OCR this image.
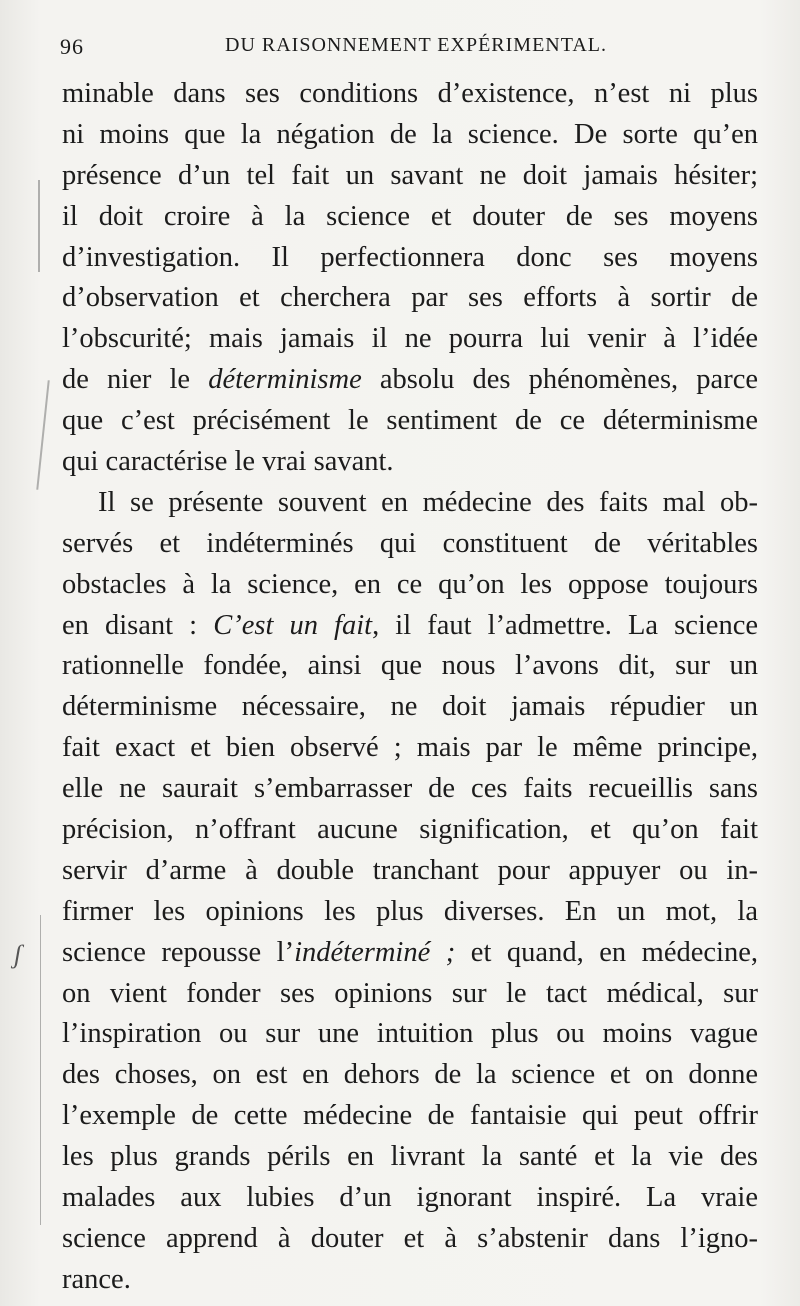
96	DU RAISONNEMENT EXPÉRIMENTAL.
ʃ
minable dans ses conditions d’existence, n’est ni plus
ni moins que la négation de la science. De sorte qu’en
présence d’un tel fait un savant ne doit jamais hésiter;
il doit croire à la science et douter de ses moyens
d’investigation. Il perfectionnera donc ses moyens
d’observation et cherchera par ses efforts à sortir de
l’obscurité; mais jamais il ne pourra lui venir à l’idée
de nier le déterminisme absolu des phénomènes, parce
que c’est précisément le sentiment de ce déterminisme
qui caractérise le vrai savant.
Il se présente souvent en médecine des faits mal ob-
servés et indéterminés qui constituent de véritables
obstacles à la science, en ce qu’on les oppose toujours
en disant : C’est un fait, il faut l’admettre. La science
rationnelle fondée, ainsi que nous l’avons dit, sur un
déterminisme nécessaire, ne doit jamais répudier un
fait exact et bien observé ; mais par le même principe,
elle ne saurait s’embarrasser de ces faits recueillis sans
précision, n’offrant aucune signification, et qu’on fait
servir d’arme à double tranchant pour appuyer ou in-
firmer les opinions les plus diverses. En un mot, la
science repousse l’indéterminé ; et quand, en médecine,
on vient fonder ses opinions sur le tact médical, sur
l’inspiration ou sur une intuition plus ou moins vague
des choses, on est en dehors de la science et on donne
l’exemple de cette médecine de fantaisie qui peut offrir
les plus grands périls en livrant la santé et la vie des
malades aux lubies d’un ignorant inspiré. La vraie
science apprend à douter et à s’abstenir dans l’igno-
rance.
